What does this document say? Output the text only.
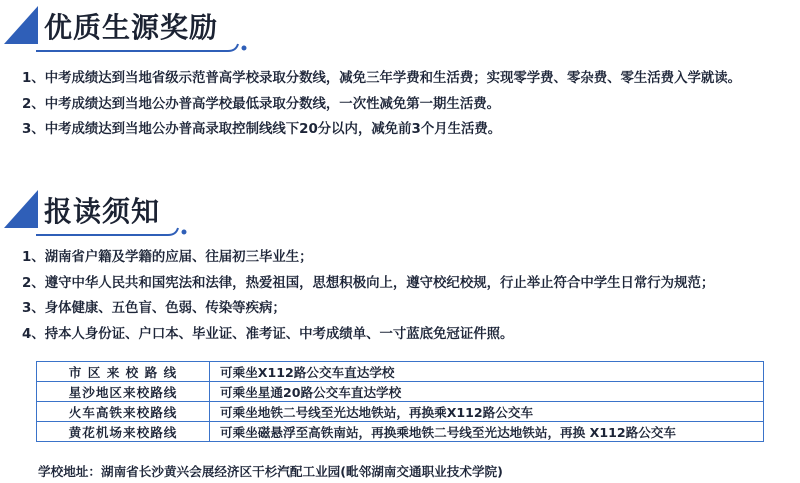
优质生源奖励
1、 中考成绩达到当地省级示范普高学校录取分数线，减免三年学费和生活费；实现零学费、零杂费、零生活费入学就读。
2、 中考成绩达到当地公办普高学校最低录取分数线，一次性减免第一期生活费。
3、 中考成绩达到当地公办普高录取控制线线下20分以内，减免前3个月生活费。
报读须知
1、 湖南省户籍及学籍的应届、往届初三毕业生；
2、 遵守中华人民共和国宪法和法律，热爱祖国，思想积极向上，遵守校纪校规，行止举止符合中学生日常行为规范；
3、 身体健康、五色盲、色弱、传染等疾病；
4、 持本人身份证、户口本、毕业证、准考证、中考成绩单、一寸蓝底免冠证件照。
市 区 来 校 路 线	可乘坐X112路公交车直达学校
星沙地区来校路线	可乘坐星通20路公交车直达学校
火车高铁来校路线	可乘坐地铁二号线至光达地铁站，再换乘X112路公交车
黄花机场来校路线	可乘坐磁悬浮至高铁南站，再换乘地铁二号线至光达地铁站，再换 X112路公交车
学校地址：湖南省长沙黄兴会展经济区干杉汽配工业园(毗邻湖南交通职业技术学院)
